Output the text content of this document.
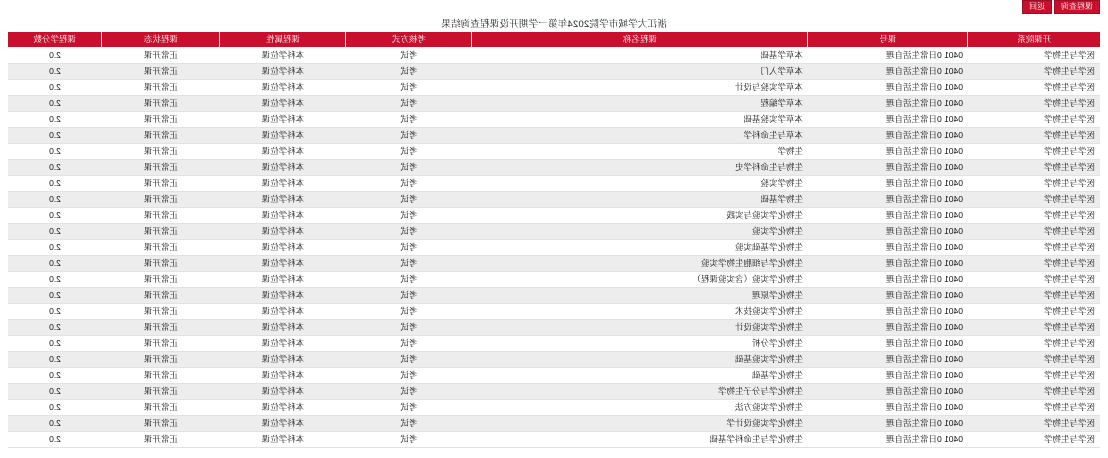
课程查询
返回
浙江大学城市学院2024年第一学期开设课程查询结果
开课院系	课号	课程名称	考核方式	课程属性	课程状态	课程学分数
医学与生物学	0401 0日常生活自理	本草学基础	考试	本科学位课	正常开课	2.0
医学与生物学	0401 0日常生活自理	本草学入门	考试	本科学位课	正常开课	2.0
医学与生物学	0401 0日常生活自理	本草学实验与设计	考试	本科学位课	正常开课	2.0
医学与生物学	0401 0日常生活自理	本草学编程	考试	本科学位课	正常开课	2.0
医学与生物学	0401 0日常生活自理	本草学实验基础	考试	本科学位课	正常开课	2.0
医学与生物学	0401 0日常生活自理	本草与生命科学	考试	本科学位课	正常开课	2.0
医学与生物学	0401 0日常生活自理	生物学	考试	本科学位课	正常开课	2.0
医学与生物学	0401 0日常生活自理	生物与生命科学史	考试	本科学位课	正常开课	2.0
医学与生物学	0401 0日常生活自理	生物学实验	考试	本科学位课	正常开课	2.0
医学与生物学	0401 0日常生活自理	生物学基础	考试	本科学位课	正常开课	2.0
医学与生物学	0401 0日常生活自理	生物化学实验与实践	考试	本科学位课	正常开课	2.0
医学与生物学	0401 0日常生活自理	生物化学实验	考试	本科学位课	正常开课	2.0
医学与生物学	0401 0日常生活自理	生物化学基础实验	考试	本科学位课	正常开课	2.0
医学与生物学	0401 0日常生活自理	生物化学与细胞生物学实验	考试	本科学位课	正常开课	2.0
医学与生物学	0401 0日常生活自理	生物化学实验（含实验课程）	考试	本科学位课	正常开课	2.0
医学与生物学	0401 0日常生活自理	生物化学原理	考试	本科学位课	正常开课	2.0
医学与生物学	0401 0日常生活自理	生物化学实验技术	考试	本科学位课	正常开课	2.0
医学与生物学	0401 0日常生活自理	生物化学实验设计	考试	本科学位课	正常开课	2.0
医学与生物学	0401 0日常生活自理	生物化学分析	考试	本科学位课	正常开课	2.0
医学与生物学	0401 0日常生活自理	生物化学实验基础	考试	本科学位课	正常开课	2.0
医学与生物学	0401 0日常生活自理	生物化学基础	考试	本科学位课	正常开课	2.0
医学与生物学	0401 0日常生活自理	生物化学与分子生物学	考试	本科学位课	正常开课	2.0
医学与生物学	0401 0日常生活自理	生物化学实验方法	考试	本科学位课	正常开课	2.0
医学与生物学	0401 0日常生活自理	生物化学实验设计学	考试	本科学位课	正常开课	2.0
医学与生物学	0401 0日常生活自理	生物化学与生命科学基础	考试	本科学位课	正常开课	2.0
